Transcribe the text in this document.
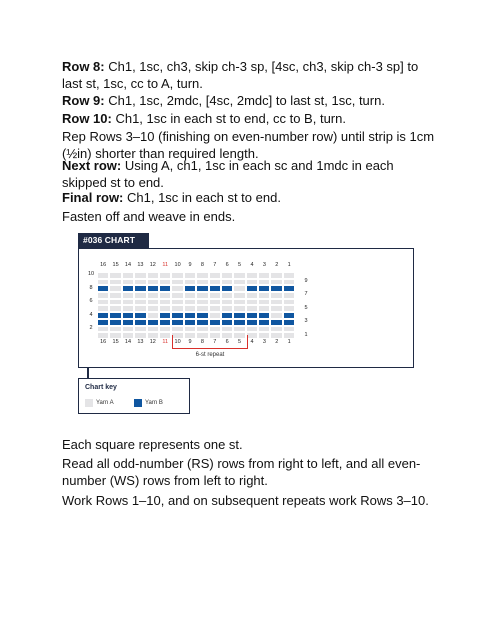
Row 8: Ch1, 1sc, ch3, skip ch-3 sp, [4sc, ch3, skip ch-3 sp] to last st, 1sc, cc to A, turn.
Row 9: Ch1, 1sc, 2mdc, [4sc, 2mdc] to last st, 1sc, turn.
Row 10: Ch1, 1sc in each st to end, cc to B, turn.
Rep Rows 3–10 (finishing on even-number row) until strip is 1cm (½in) shorter than required length.
Next row: Using A, ch1, 1sc in each sc and 1mdc in each skipped st to end.
Final row: Ch1, 1sc in each st to end.
Fasten off and weave in ends.
#036 CHART
16	15	14	13	12	11	10	9	8	7	6	5	4	3	2	1
16	15	14	13	12	11	10	9	8	7	6	5	4	3	2	1
10
8
6
4
2
9
7
5
3
1
6-st repeat
Chart key
Yarn A	Yarn B
Each square represents one st.
Read all odd-number (RS) rows from right to left, and all even-number (WS) rows from left to right.
Work Rows 1–10, and on subsequent repeats work Rows 3–10.
